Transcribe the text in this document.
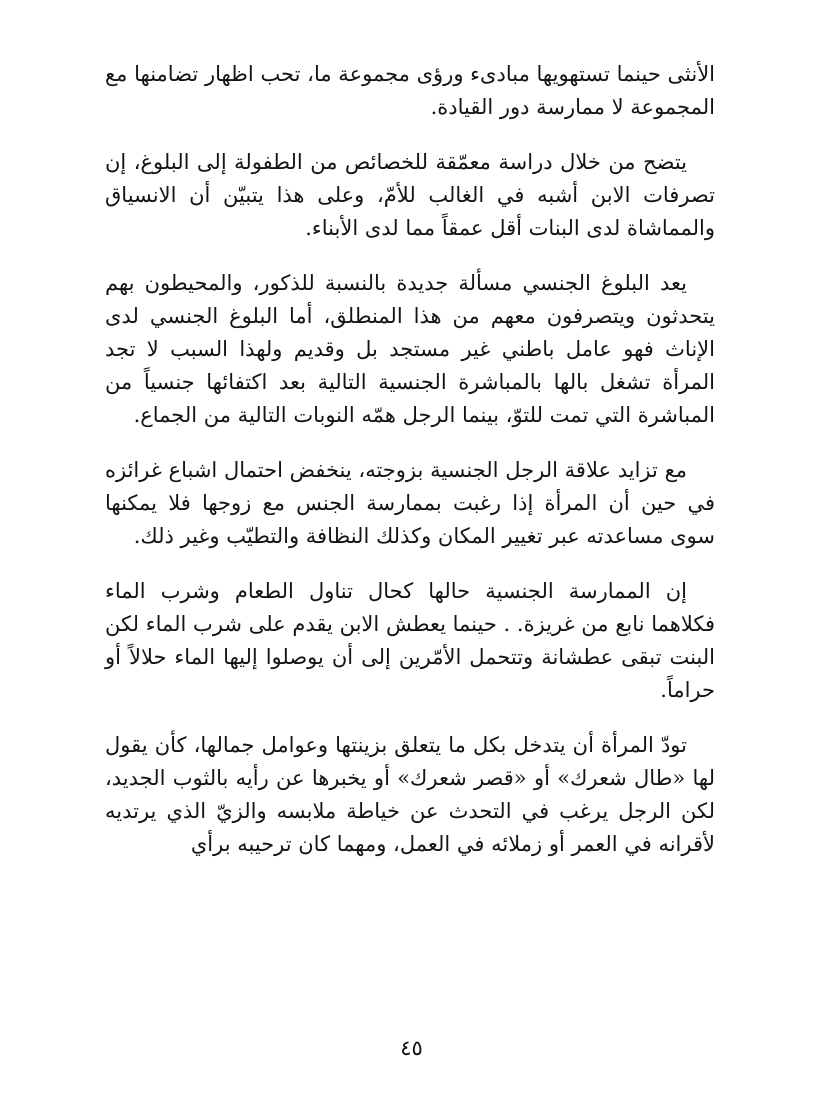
الأنثى حينما تستهويها مبادىء ورؤى مجموعة ما، تحب اظهار تضامنها مع المجموعة لا ممارسة دور القيادة.

يتضح من خلال دراسة معمّقة للخصائص من الطفولة إلى البلوغ، إن تصرفات الابن أشبه في الغالب للأمّ، وعلى هذا يتبيّن أن الانسياق والمماشاة لدى البنات أقل عمقاً مما لدى الأبناء.

يعد البلوغ الجنسي مسألة جديدة بالنسبة للذكور، والمحيطون بهم يتحدثون ويتصرفون معهم من هذا المنطلق، أما البلوغ الجنسي لدى الإناث فهو عامل باطني غير مستجد بل وقديم ولهذا السبب لا تجد المرأة تشغل بالها بالمباشرة الجنسية التالية بعد اكتفائها جنسياً من المباشرة التي تمت للتوّ، بينما الرجل همّه النوبات التالية من الجماع.

مع تزايد علاقة الرجل الجنسية بزوجته، ينخفض احتمال اشباع غرائزه في حين أن المرأة إذا رغبت بممارسة الجنس مع زوجها فلا يمكنها سوى مساعدته عبر تغيير المكان وكذلك النظافة والتطيّب وغير ذلك.

إن الممارسة الجنسية حالها كحال تناول الطعام وشرب الماء فكلاهما نابع من غريزة. . حينما يعطش الابن يقدم على شرب الماء لكن البنت تبقى عطشانة وتتحمل الأمّرين إلى أن يوصلوا إليها الماء حلالاً أو حراماً.

تودّ المرأة أن يتدخل بكل ما يتعلق بزينتها وعوامل جمالها، كأن يقول لها «طال شعرك» أو «قصر شعرك» أو يخبرها عن رأيه بالثوب الجديد، لكن الرجل يرغب في التحدث عن خياطة ملابسه والزيّ الذي يرتديه لأقرانه في العمر أو زملائه في العمل، ومهما كان ترحيبه برأي

٤٥
